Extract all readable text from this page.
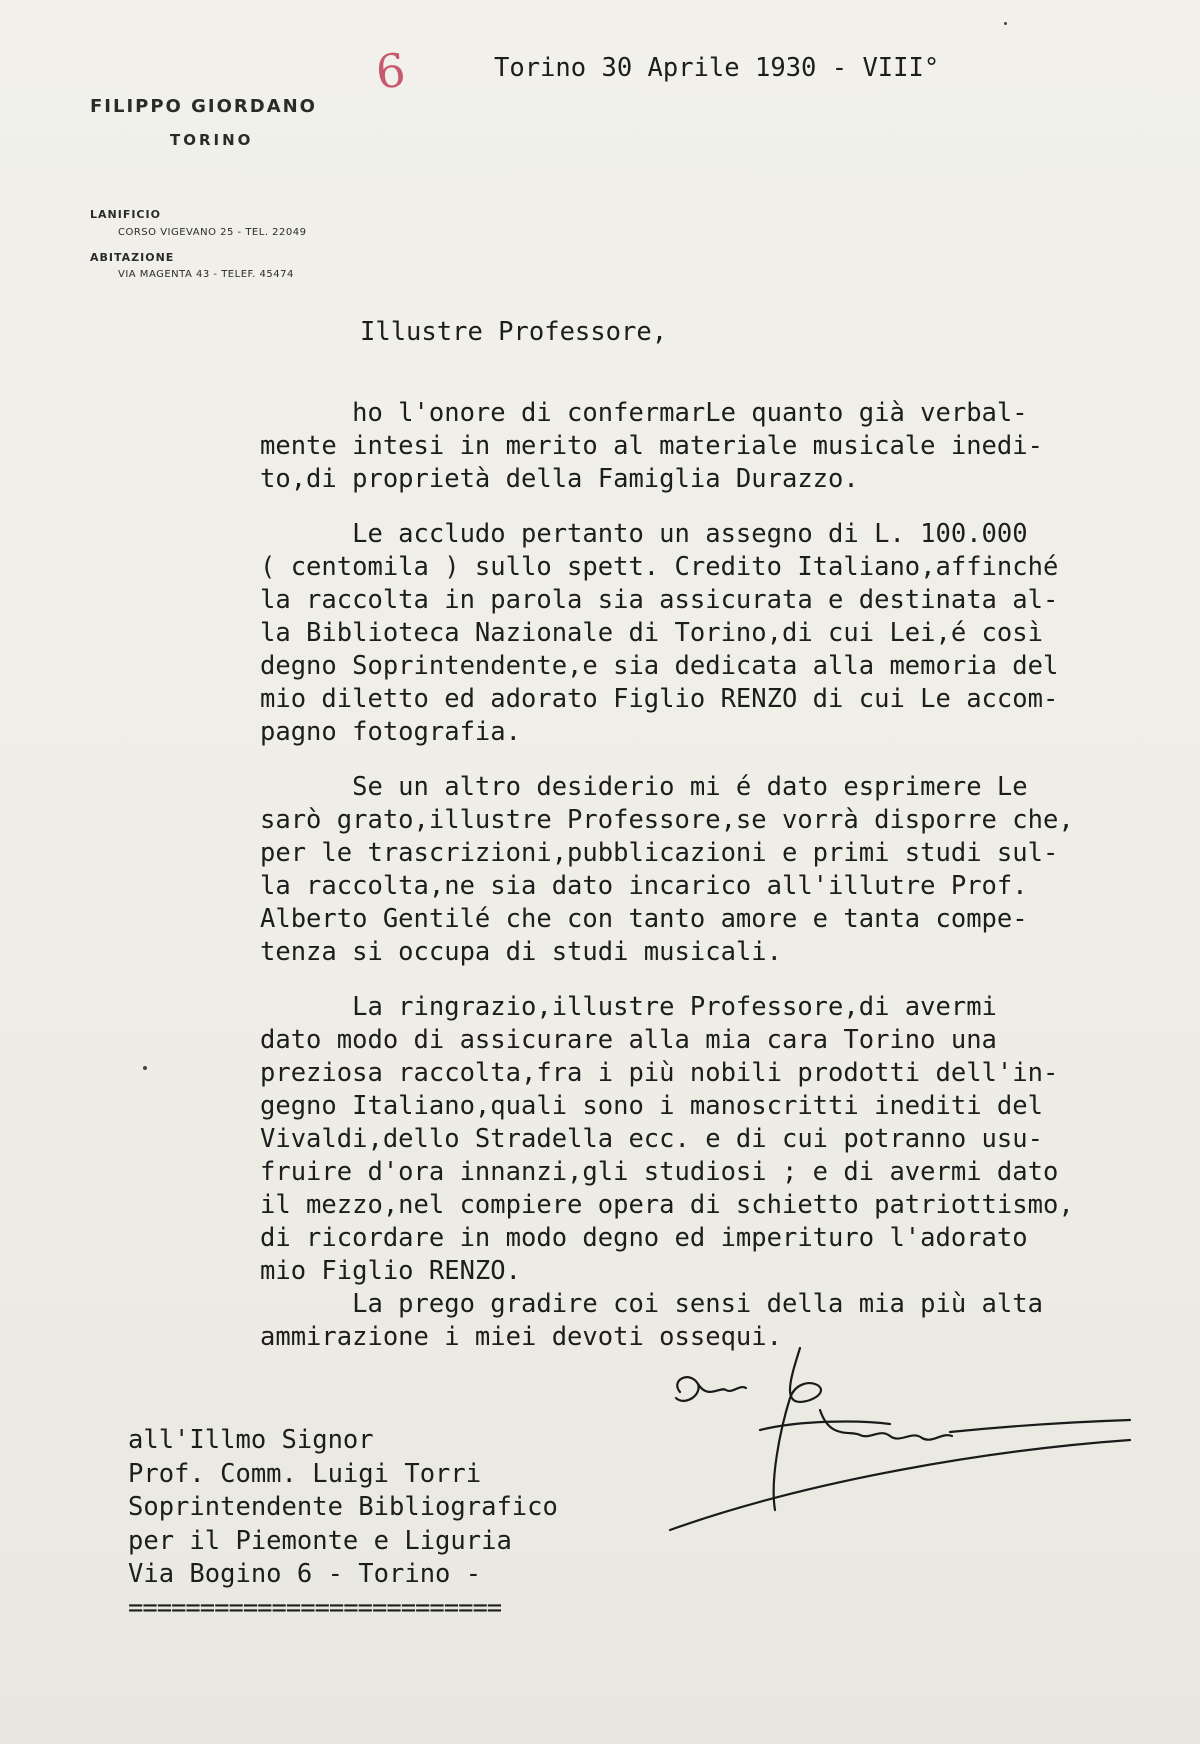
FILIPPO GIORDANO
TORINO
LANIFICIO
CORSO VIGEVANO 25 - TEL. 22049
ABITAZIONE
VIA MAGENTA 43 - TELEF. 45474
6	Torino 30 Aprile 1930 - VIII°
Illustre Professore,
ho l'onore di confermarLe quanto già verbal-
mente intesi in merito al materiale musicale inedi-
to,di proprietà della Famiglia Durazzo.
Le accludo pertanto un assegno di L. 100.000
( centomila ) sullo spett. Credito Italiano,affinché
la raccolta in parola sia assicurata e destinata al-
la Biblioteca Nazionale di Torino,di cui Lei,é così
degno Soprintendente,e sia dedicata alla memoria del
mio diletto ed adorato Figlio RENZO di cui Le accom-
pagno fotografia.
Se un altro desiderio mi é dato esprimere Le
sarò grato,illustre Professore,se vorrà disporre che,
per le trascrizioni,pubblicazioni e primi studi sul-
la raccolta,ne sia dato incarico all'illutre Prof.
Alberto Gentilé che con tanto amore e tanta compe-
tenza si occupa di studi musicali.
La ringrazio,illustre Professore,di avermi
dato modo di assicurare alla mia cara Torino una
preziosa raccolta,fra i più nobili prodotti dell'in-
gegno Italiano,quali sono i manoscritti inediti del
Vivaldi,dello Stradella ecc. e di cui potranno usu-
fruire d'ora innanzi,gli studiosi ; e di avermi dato
il mezzo,nel compiere opera di schietto patriottismo,
di ricordare in modo degno ed imperituro l'adorato
mio Figlio RENZO.
La prego gradire coi sensi della mia più alta
ammirazione i miei devoti ossequi.
all'Illmo Signor
Prof. Comm. Luigi Torri
Soprintendente Bibliografico
per il Piemonte e Liguria
Via Bogino 6 - Torino -
==========================
